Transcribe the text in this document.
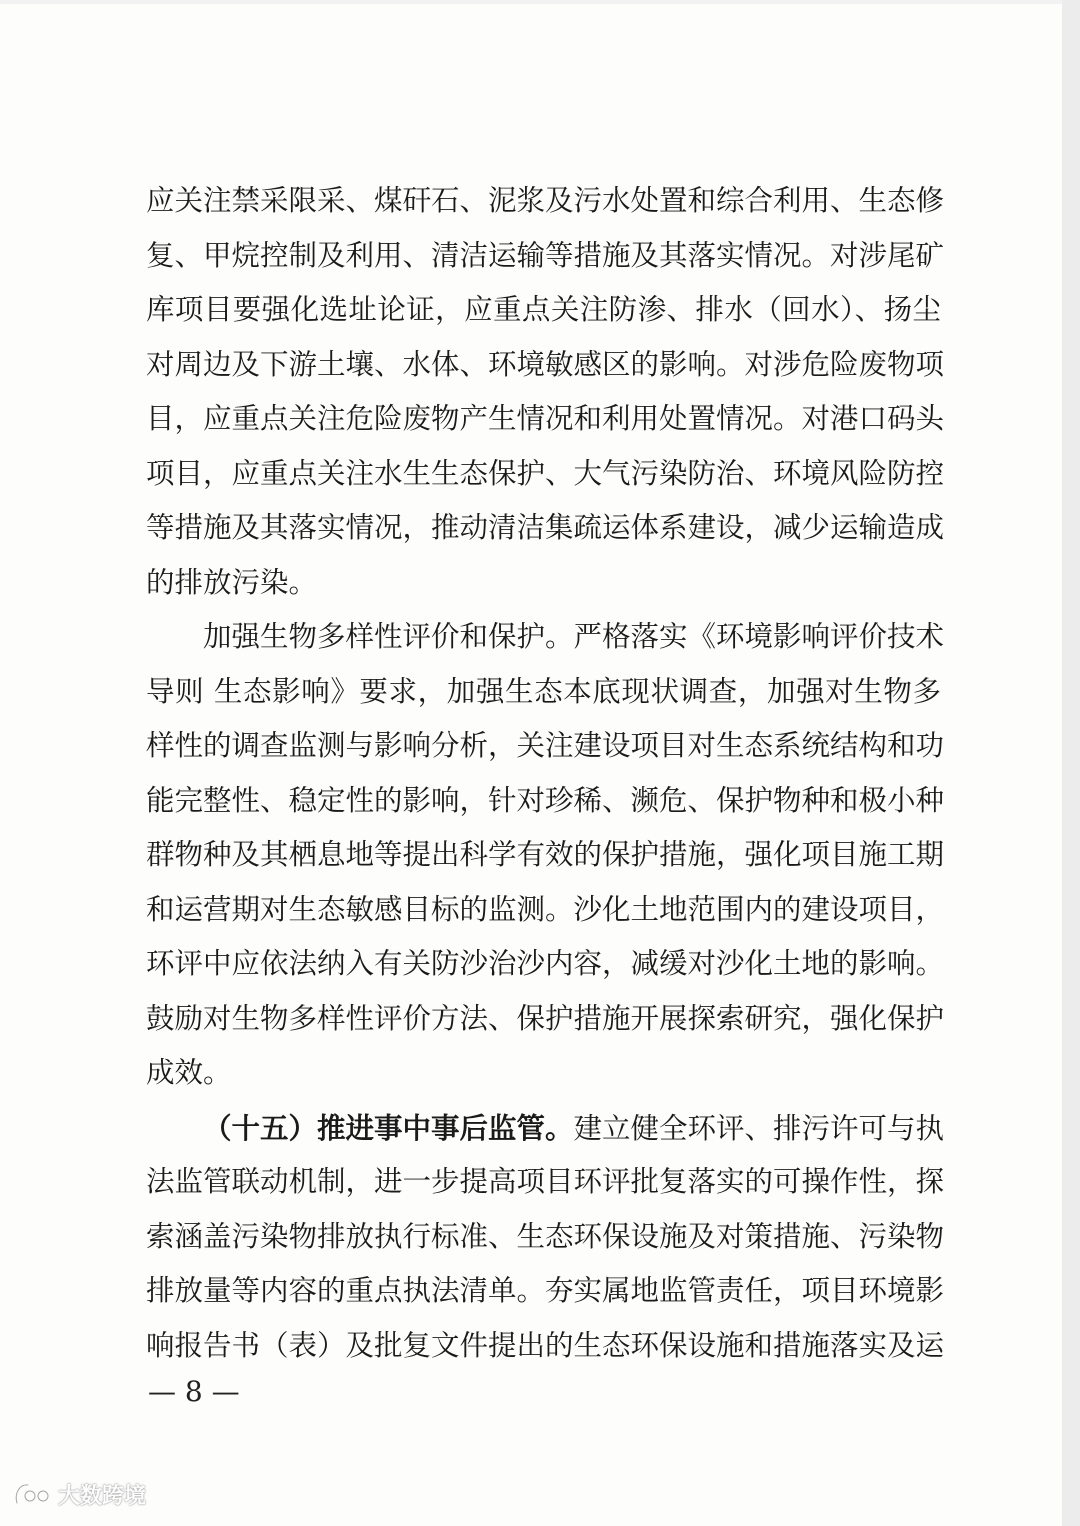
应关注禁采限采、煤矸石、泥浆及污水处置和综合利用、生态修
复、甲烷控制及利用、清洁运输等措施及其落实情况。对涉尾矿
库项目要强化选址论证，应重点关注防渗、排水（回水）、扬尘
对周边及下游土壤、水体、环境敏感区的影响。对涉危险废物项
目，应重点关注危险废物产生情况和利用处置情况。对港口码头
项目，应重点关注水生生态保护、大气污染防治、环境风险防控
等措施及其落实情况，推动清洁集疏运体系建设，减少运输造成
的排放污染。
加强生物多样性评价和保护。严格落实《环境影响评价技术
导则 生态影响》要求，加强生态本底现状调查，加强对生物多
样性的调查监测与影响分析，关注建设项目对生态系统结构和功
能完整性、稳定性的影响，针对珍稀、濒危、保护物种和极小种
群物种及其栖息地等提出科学有效的保护措施，强化项目施工期
和运营期对生态敏感目标的监测。沙化土地范围内的建设项目，
环评中应依法纳入有关防沙治沙内容，减缓对沙化土地的影响。
鼓励对生物多样性评价方法、保护措施开展探索研究，强化保护
成效。
（十五）推进事中事后监管。建立健全环评、排污许可与执
法监管联动机制，进一步提高项目环评批复落实的可操作性，探
索涵盖污染物排放执行标准、生态环保设施及对策措施、污染物
排放量等内容的重点执法清单。夯实属地监管责任，项目环境影
响报告书（表）及批复文件提出的生态环保设施和措施落实及运
— 8 —
大数跨境
